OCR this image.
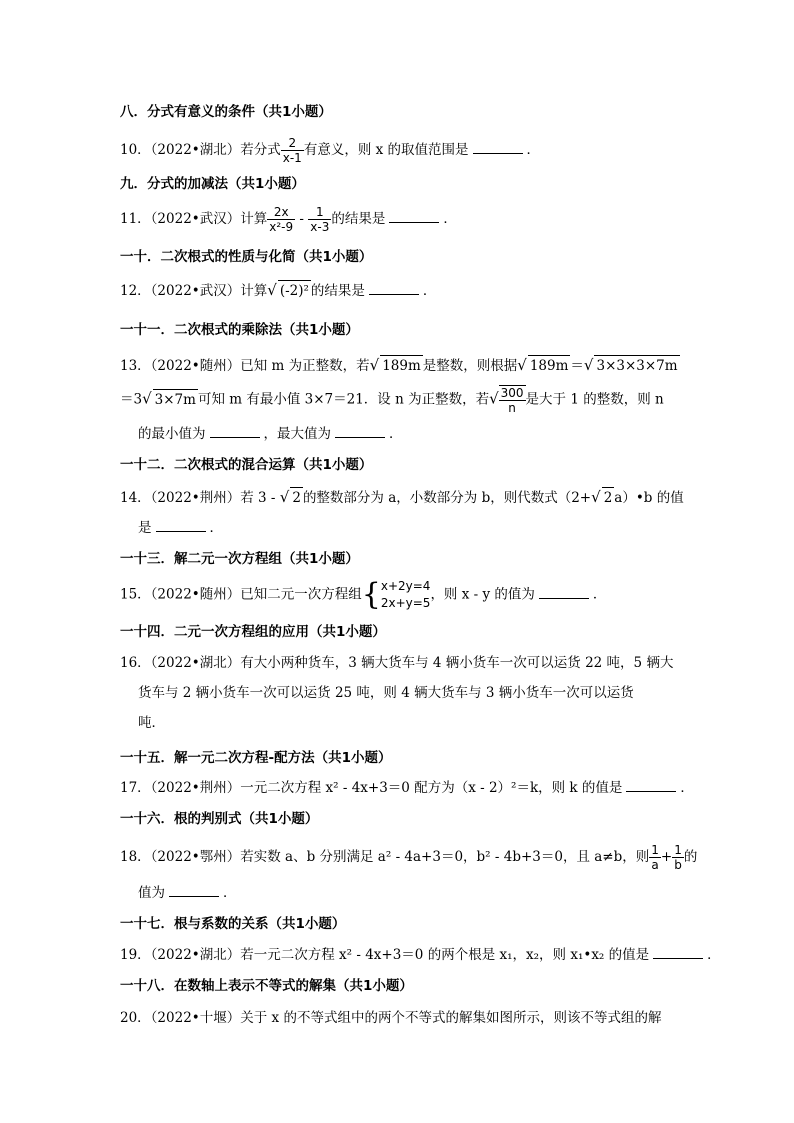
八．分式有意义的条件（共1小题）
10．（2022•湖北）若分式 $\frac{2}{x-1}$ 有意义，则 x 的取值范围是	．
九．分式的加减法（共1小题）
11．（2022•武汉）计算 $\frac{2x}{\text{x²-9}} - \frac{1}{x-3}$ 的结果是	．
一十．二次根式的性质与化简（共1小题）
12．（2022•武汉）计算√ (-2)² 的结果是	．
一十一．二次根式的乘除法（共1小题）
13．（2022•随州）已知 m 为正整数，若√ 189m 是整数，则根据√ 189m ＝√ 3×3×3×7m
＝3√ 3×7m 可知 m 有最小值 3×7＝21．设 n 为正整数，若√ $\frac{300}{n}$ 是大于 1 的整数，则 n
的最小值为	，最大值为	．
一十二．二次根式的混合运算（共1小题）
14．（2022•荆州）若 3 - √ 2 的整数部分为 a，小数部分为 b，则代数式（2+√ 2 a）•b 的值
是	．
一十三．解二元一次方程组（共1小题）
15．（2022•随州）已知二元一次方程组{x+2y=4
2x+y=5，则 x - y 的值为	．
一十四．二元一次方程组的应用（共1小题）
16．（2022•湖北）有大小两种货车，3 辆大货车与 4 辆小货车一次可以运货 22 吨，5 辆大
货车与 2 辆小货车一次可以运货 25 吨，则 4 辆大货车与 3 辆小货车一次可以运货
吨．
一十五．解一元二次方程-配方法（共1小题）
17．（2022•荆州）一元二次方程 x² - 4x+3＝0 配方为（x - 2）²＝k，则 k 的值是	．
一十六．根的判别式（共1小题）
18．（2022•鄂州）若实数 a、b 分别满足 a² - 4a+3＝0，b² - 4b+3＝0，且 a≠b，则 $\frac{1}{a} + \frac{1}{b}$ 的
值为	．
一十七．根与系数的关系（共1小题）
19．（2022•湖北）若一元二次方程 x² - 4x+3＝0 的两个根是 x₁，x₂，则 x₁•x₂ 的值是	．
一十八．在数轴上表示不等式的解集（共1小题）
20．（2022•十堰）关于 x 的不等式组中的两个不等式的解集如图所示，则该不等式组的解
